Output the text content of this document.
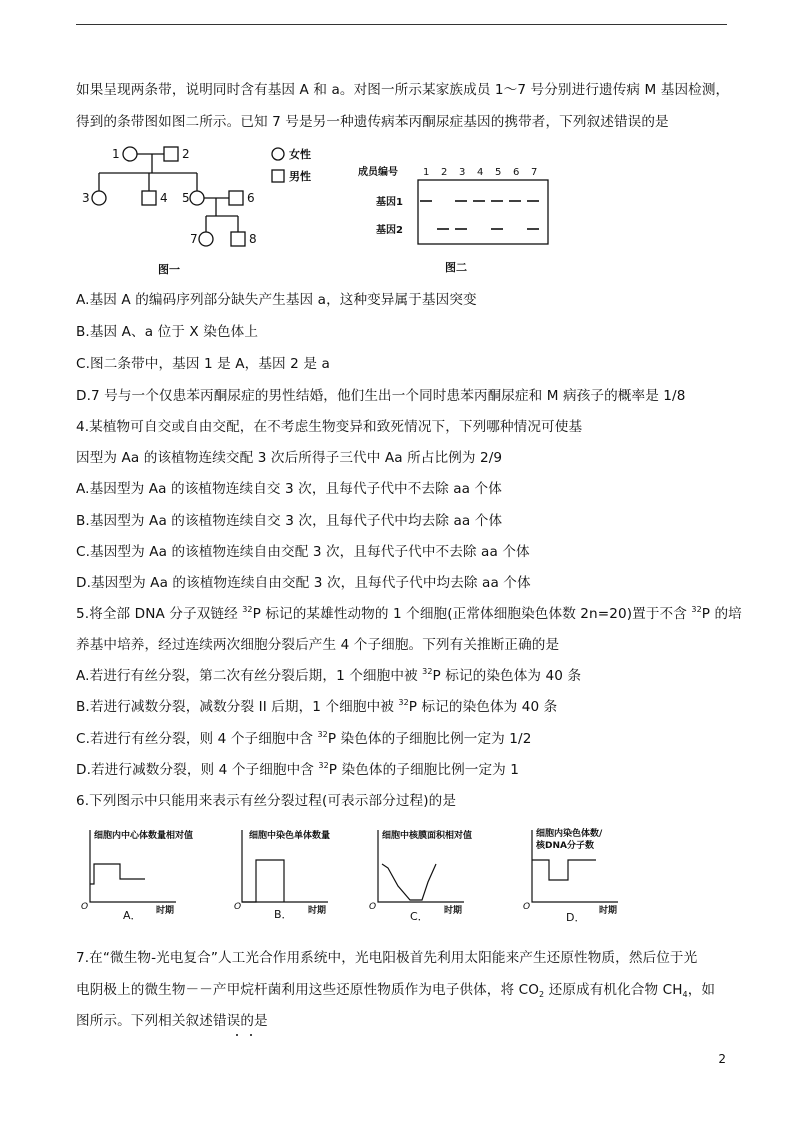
如果呈现两条带，说明同时含有基因 A 和 a。对图一所示某家族成员 1～7 号分别进行遗传病 M 基因检测，
得到的条带图如图二所示。已知 7 号是另一种遗传病苯丙酮尿症基因的携带者，下列叙述错误的是
1	2
3	4 5	6
7	8
女性
男性
图一
成员编号
基因1
基因2
图二
1 2 3 4 5 6 7
A.基因 A 的编码序列部分缺失产生基因 a，这种变异属于基因突变
B.基因 A、a 位于 X 染色体上
C.图二条带中，基因 1 是 A，基因 2 是 a
D.7 号与一个仅患苯丙酮尿症的男性结婚，他们生出一个同时患苯丙酮尿症和 M 病孩子的概率是 1/8
4.某植物可自交或自由交配，在不考虑生物变异和致死情况下，下列哪种情况可使基
因型为 Aa 的该植物连续交配 3 次后所得子三代中 Aa 所占比例为 2/9
A.基因型为 Aa 的该植物连续自交 3 次，且每代子代中不去除 aa 个体
B.基因型为 Aa 的该植物连续自交 3 次，且每代子代中均去除 aa 个体
C.基因型为 Aa 的该植物连续自由交配 3 次，且每代子代中不去除 aa 个体
D.基因型为 Aa 的该植物连续自由交配 3 次，且每代子代中均去除 aa 个体
5.将全部 DNA 分子双链经 $^{32}$P 标记的某雄性动物的 1 个细胞(正常体细胞染色体数 2n=20)置于不含 $^{32}$P 的培
养基中培养，经过连续两次细胞分裂后产生 4 个子细胞。下列有关推断正确的是
A.若进行有丝分裂，第二次有丝分裂后期，1 个细胞中被 $^{32}$P 标记的染色体为 40 条
B.若进行减数分裂，减数分裂 II 后期，1 个细胞中被 $^{32}$P 标记的染色体为 40 条
C.若进行有丝分裂，则 4 个子细胞中含 $^{32}$P 染色体的子细胞比例一定为 1/2
D.若进行减数分裂，则 4 个子细胞中含 $^{32}$P 染色体的子细胞比例一定为 1
6.下列图示中只能用来表示有丝分裂过程(可表示部分过程)的是
细胞内中心体数量相对值	细胞中染色单体数量	细胞中核膜面积相对值	细胞内染色体数/
核DNA分子数
O	O	O	O
时期	时期	时期	时期
A．	B．	C．	D．
7.在“微生物-光电复合”人工光合作用系统中，光电阳极首先利用太阳能来产生还原性物质，然后位于光
电阴极上的微生物－－产甲烷杆菌利用这些还原性物质作为电子供体，将 $CO_2$ 还原成有机化合物 $CH_4$，如
图所示。下列相关叙述错误的是
2
